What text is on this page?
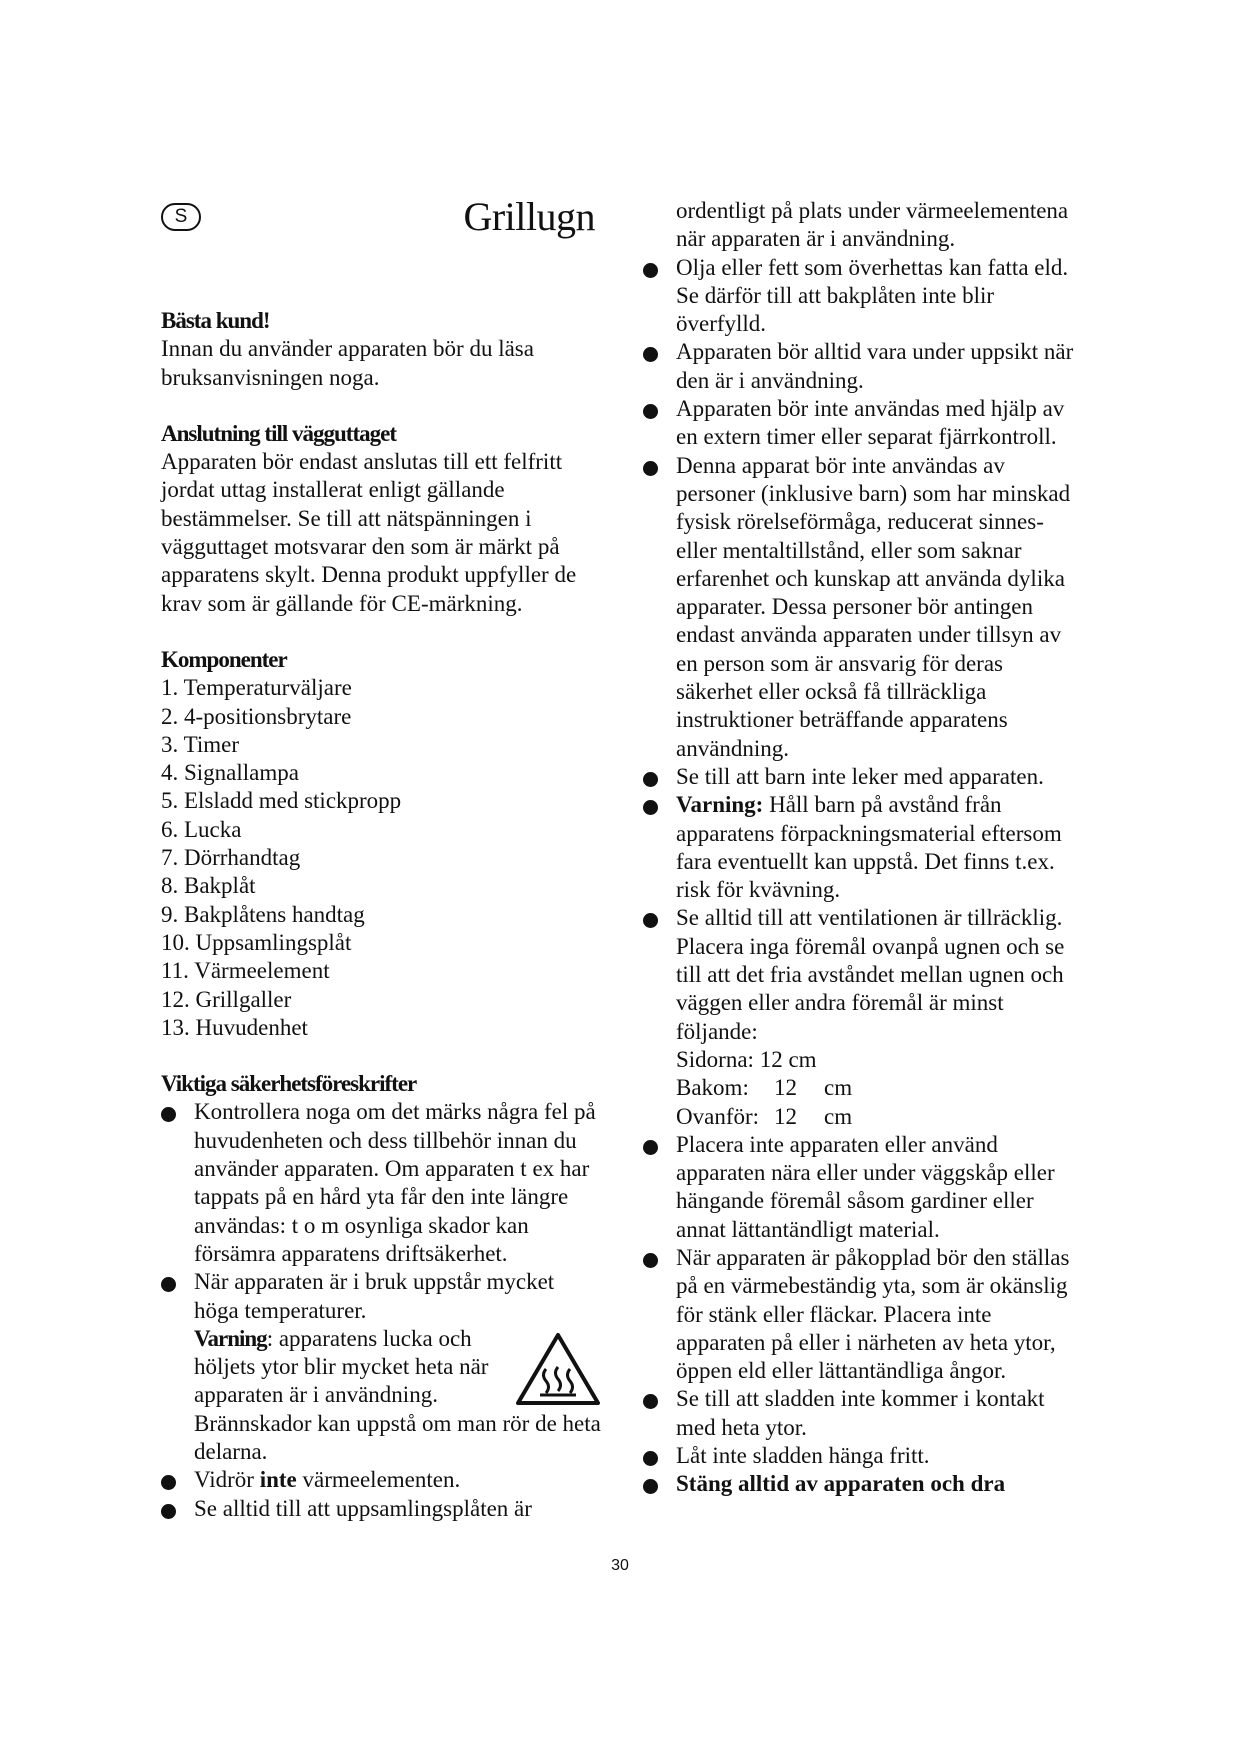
S	Grillugn
Bästa kund!

Innan du använder apparaten bör du läsa bruksanvisningen noga.

Anslutning till vägguttaget

Apparaten bör endast anslutas till ett felfritt jordat uttag installerat enligt gällande bestämmelser. Se till att nätspänningen i vägguttaget motsvarar den som är märkt på apparatens skylt. Denna produkt uppfyller de krav som är gällande för CE-märkning.

Komponenter
1. Temperaturväljare
2. 4-positionsbrytare
3. Timer
4. Signallampa
5. Elsladd med stickpropp
6. Lucka
7. Dörrhandtag
8. Bakplåt
9. Bakplåtens handtag
10. Uppsamlingsplåt
11. Värmeelement
12. Grillgaller
13. Huvudenhet
Viktiga säkerhetsföreskrifter
Kontrollera noga om det märks några fel på huvudenheten och dess tillbehör innan du använder apparaten. Om apparaten t ex har tappats på en hård yta får den inte längre användas: t o m osynliga skador kan försämra apparatens driftsäkerhet.
När apparaten är i bruk uppstår mycket höga temperaturer.
Varning: apparatens lucka och höljets ytor blir mycket heta när apparaten är i användning.
Brännskador kan uppstå om man rör de heta delarna.
Vidrör inte värmeelementen.
Se alltid till att uppsamlingsplåten är
ordentligt på plats under värmeelementena när apparaten är i användning.
Olja eller fett som överhettas kan fatta eld. Se därför till att bakplåten inte blir överfylld.
Apparaten bör alltid vara under uppsikt när den är i användning.
Apparaten bör inte användas med hjälp av en extern timer eller separat fjärrkontroll.
Denna apparat bör inte användas av personer (inklusive barn) som har minskad fysisk rörelseförmåga, reducerat sinnes- eller mentaltillstånd, eller som saknar erfarenhet och kunskap att använda dylika apparater. Dessa personer bör antingen endast använda apparaten under tillsyn av en person som är ansvarig för deras säkerhet eller också få tillräckliga instruktioner beträffande apparatens användning.
Se till att barn inte leker med apparaten.
Varning: Håll barn på avstånd från apparatens förpackningsmaterial eftersom fara eventuellt kan uppstå. Det finns t.ex. risk för kvävning.
Se alltid till att ventilationen är tillräcklig. Placera inga föremål ovanpå ugnen och se till att det fria avståndet mellan ugnen och väggen eller andra föremål är minst följande:
Sidorna: 12 cm
Bakom:	12	cm
Ovanför: 12	cm
Placera inte apparaten eller använd apparaten nära eller under väggskåp eller hängande föremål såsom gardiner eller annat lättantändligt material.
När apparaten är påkopplad bör den ställas på en värmebeständig yta, som är okänslig för stänk eller fläckar. Placera inte apparaten på eller i närheten av heta ytor, öppen eld eller lättantändliga ångor.
Se till att sladden inte kommer i kontakt med heta ytor.
Låt inte sladden hänga fritt.
Stäng alltid av apparaten och dra
30
